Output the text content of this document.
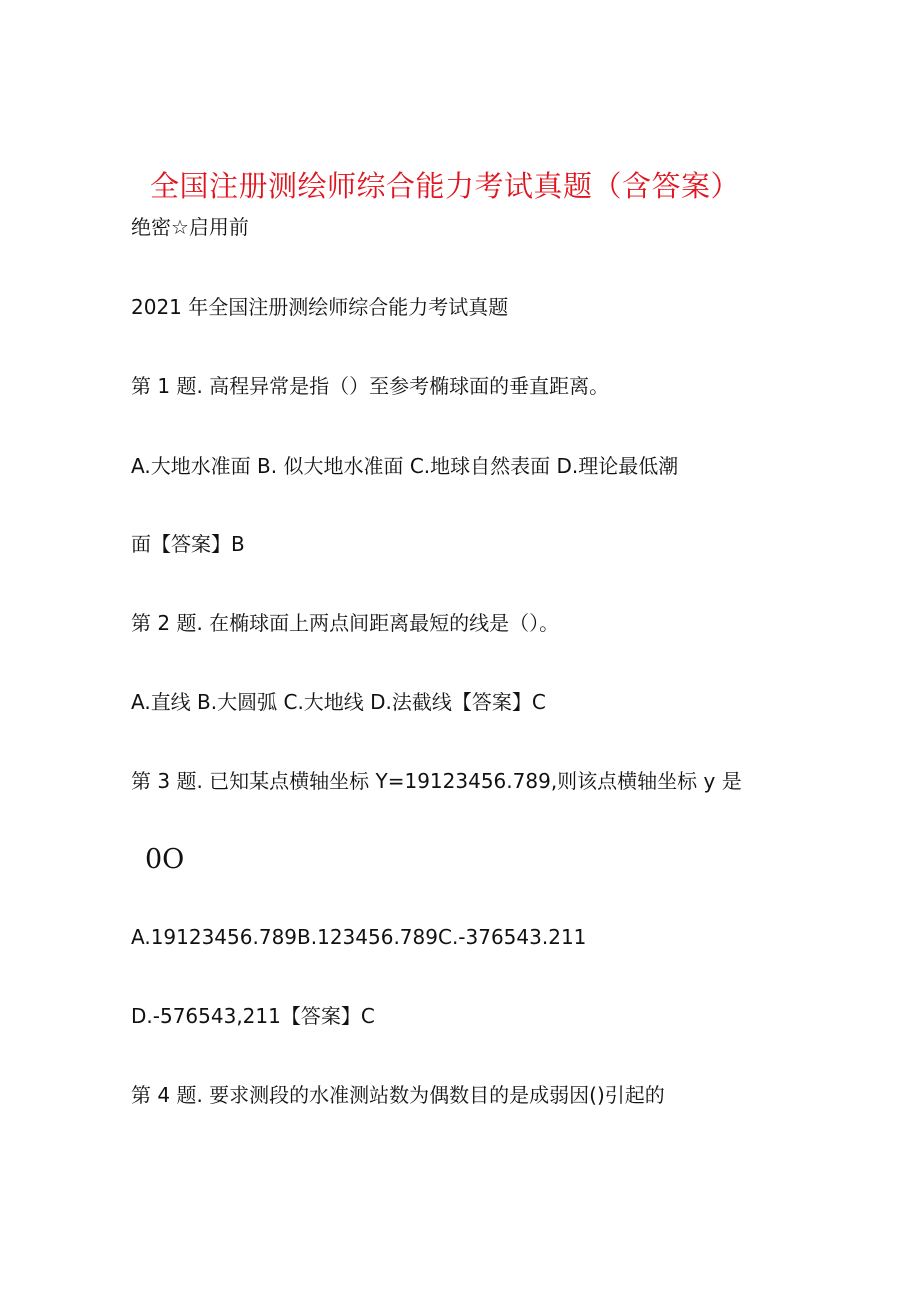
全国注册测绘师综合能力考试真题（含答案）
绝密☆启用前
2021 年全国注册测绘师综合能力考试真题
第 1 题. 高程异常是指（）至参考椭球面的垂直距离。
A.大地水准面 B. 似大地水准面 C.地球自然表面 D.理论最低潮
面【答案】B
第 2 题. 在椭球面上两点间距离最短的线是（）。
A.直线 B.大圆弧 C.大地线 D.法截线【答案】C
第 3 题. 已知某点横轴坐标 Y=19123456.789,则该点横轴坐标 y 是
0O
A.19123456.789B.123456.789C.-376543.211
D.-576543,211【答案】C
第 4 题. 要求测段的水准测站数为偶数目的是成弱因()引起的
